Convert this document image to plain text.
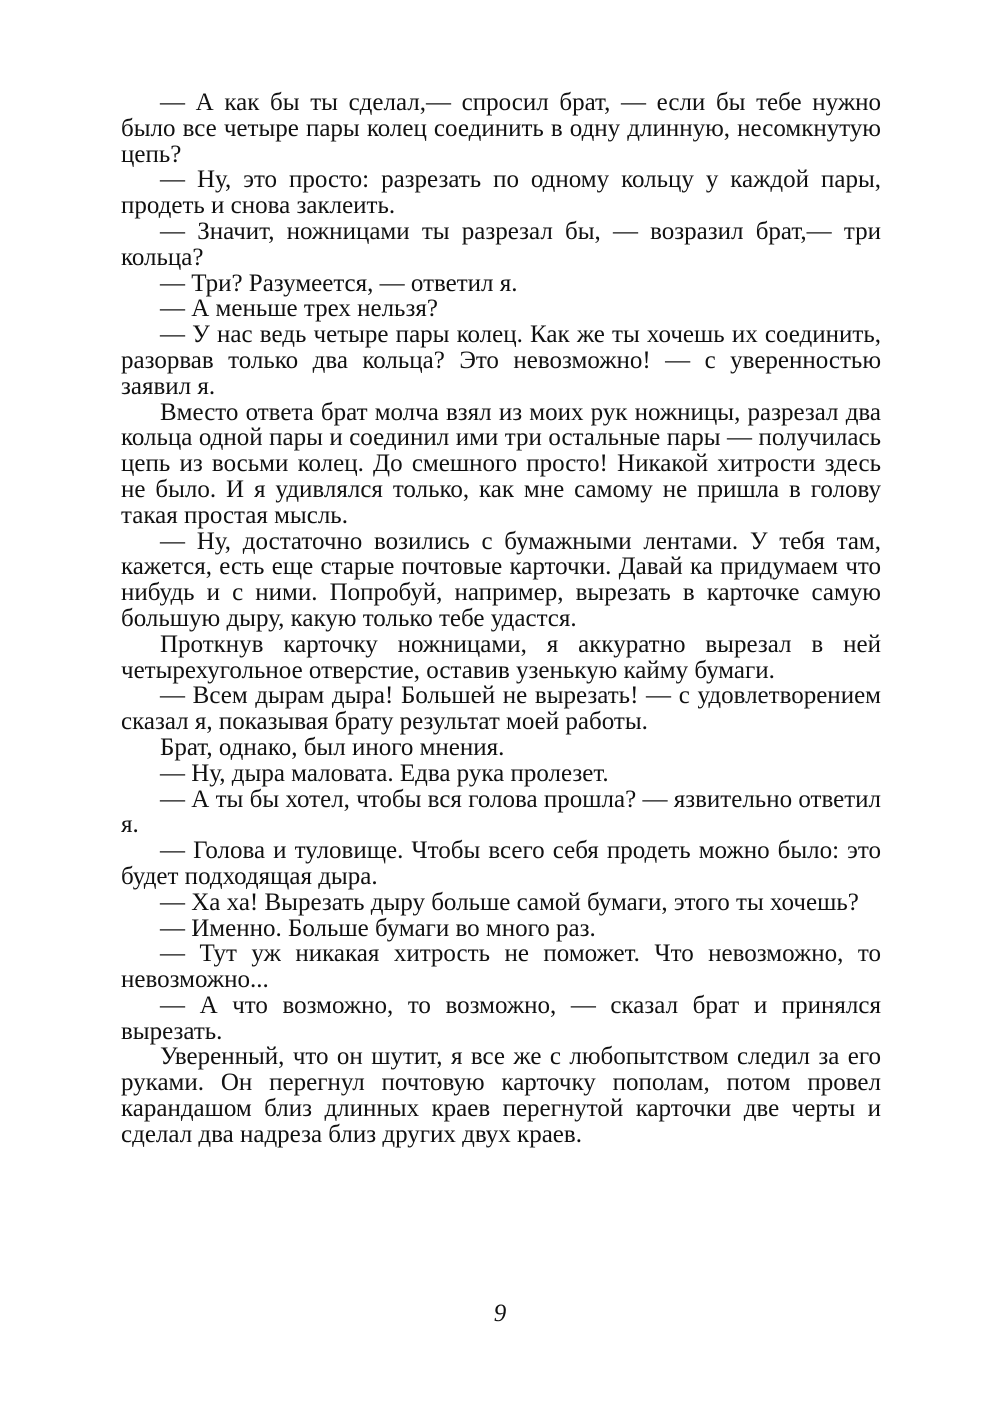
— А как бы ты сделал,— спросил брат, — если бы тебе нужно было все четыре пары колец соединить в одну длинную, несомкнутую цепь?

— Ну, это просто: разрезать по одному кольцу у каждой пары, продеть и снова заклеить.

— Значит, ножницами ты разрезал бы, — возразил брат,— три кольца?

— Три? Разумеется, — ответил я.

— А меньше трех нельзя?

— У нас ведь четыре пары колец. Как же ты хочешь их соединить, разорвав только два кольца? Это невозможно! — с уверенностью заявил я.

Вместо ответа брат молча взял из моих рук ножницы, разрезал два кольца одной пары и соединил ими три остальные пары — получилась цепь из восьми колец. До смешного просто! Никакой хитрости здесь не было. И я удивлялся только, как мне самому не пришла в голову такая простая мысль.

— Ну, достаточно возились с бумажными лентами. У тебя там, кажется, есть еще старые почтовые карточки. Давай ка придумаем что нибудь и с ними. Попробуй, например, вырезать в карточке самую большую дыру, какую только тебе удастся.

Проткнув карточку ножницами, я аккуратно вырезал в ней четырехугольное отверстие, оставив узенькую кайму бумаги.

— Всем дырам дыра! Большей не вырезать! — с удовлетворением сказал я, показывая брату результат моей работы.

Брат, однако, был иного мнения.

— Ну, дыра маловата. Едва рука пролезет.

— А ты бы хотел, чтобы вся голова прошла? — язвительно ответил я.

— Голова и туловище. Чтобы всего себя продеть можно было: это будет подходящая дыра.

— Ха ха! Вырезать дыру больше самой бумаги, этого ты хочешь?

— Именно. Больше бумаги во много раз.

— Тут уж никакая хитрость не поможет. Что невозможно, то невозможно...

— А что возможно, то возможно, — сказал брат и принялся вырезать.

Уверенный, что он шутит, я все же с любопытством следил за его руками. Он перегнул почтовую карточку пополам, потом провел карандашом близ длинных краев перегнутой карточки две черты и сделал два надреза близ других двух краев.

9
